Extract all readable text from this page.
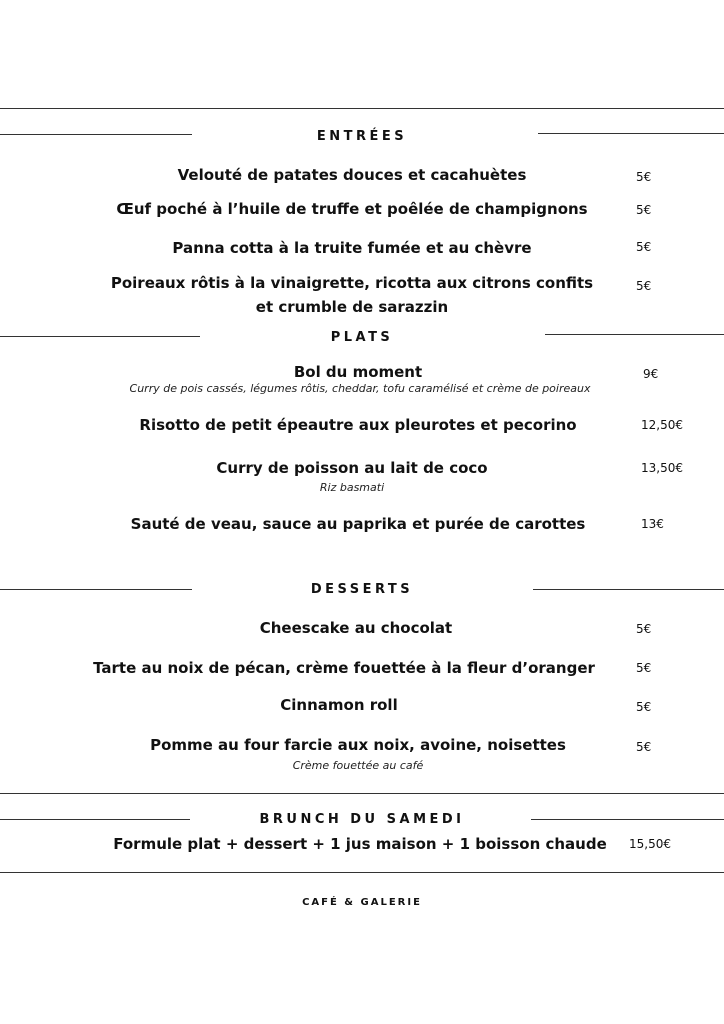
ENTRÉES
Velouté de patates douces et cacahuètes	5€
Œuf poché à l’huile de truffe et poêlée de champignons	5€
Panna cotta à la truite fumée et au chèvre	5€
Poireaux rôtis à la vinaigrette, ricotta aux citrons confits
et crumble de sarazzin
5€
PLATS
Bol du moment
Curry de pois cassés, légumes rôtis, cheddar, tofu caramélisé et crème de poireaux
9€
Risotto de petit épeautre aux pleurotes et pecorino	12,50€
Curry de poisson au lait de coco
Riz basmati
13,50€
Sauté de veau, sauce au paprika et purée de carottes	13€
DESSERTS
Cheescake au chocolat	5€
Tarte au noix de pécan, crème fouettée à la fleur d’oranger	5€
Cinnamon roll	5€
Pomme au four farcie aux noix, avoine, noisettes
Crème fouettée au café
5€
BRUNCH DU SAMEDI
Formule plat + dessert + 1 jus maison + 1 boisson chaude	15,50€
CAFÉ & GALERIE
